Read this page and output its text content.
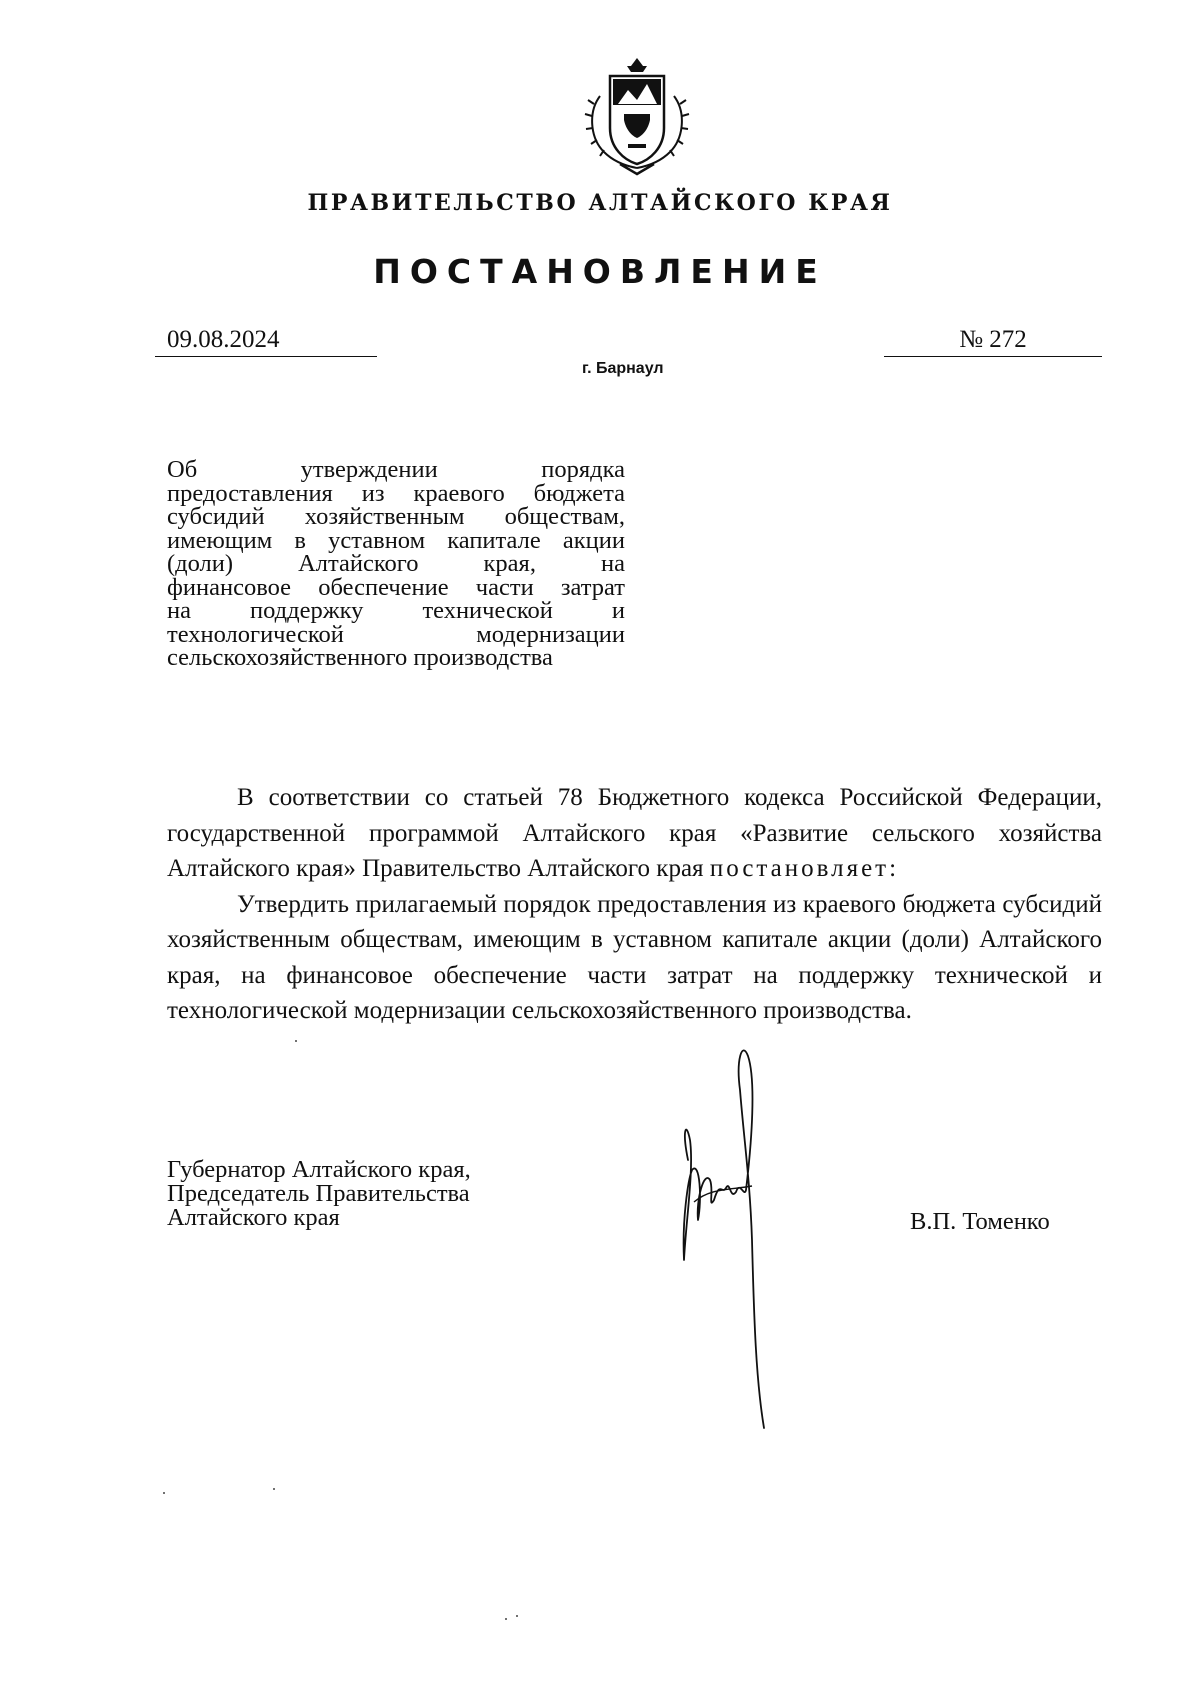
ПРАВИТЕЛЬСТВО АЛТАЙСКОГО КРАЯ
ПОСТАНОВЛЕНИЕ
09.08.2024	№ 272
г. Барнаул
Об утверждении порядка
предоставления из краевого бюджета
субсидий хозяйственным обществам,
имеющим в уставном капитале акции
(доли) Алтайского края, на
финансовое обеспечение части затрат
на поддержку технической и
технологической модернизации
сельскохозяйственного производства

В соответствии со статьей 78 Бюджетного кодекса Российской Федерации, государственной программой Алтайского края «Развитие сельского хозяйства Алтайского края» Правительство Алтайского края постановляет:

Утвердить прилагаемый порядок предоставления из краевого бюджета субсидий хозяйственным обществам, имеющим в уставном капитале акции (доли) Алтайского края, на финансовое обеспечение части затрат на поддержку технической и технологической модернизации сельскохозяйственного производства.

Губернатор Алтайского края,
Председатель Правительства
Алтайского края	В.П. Томенко
